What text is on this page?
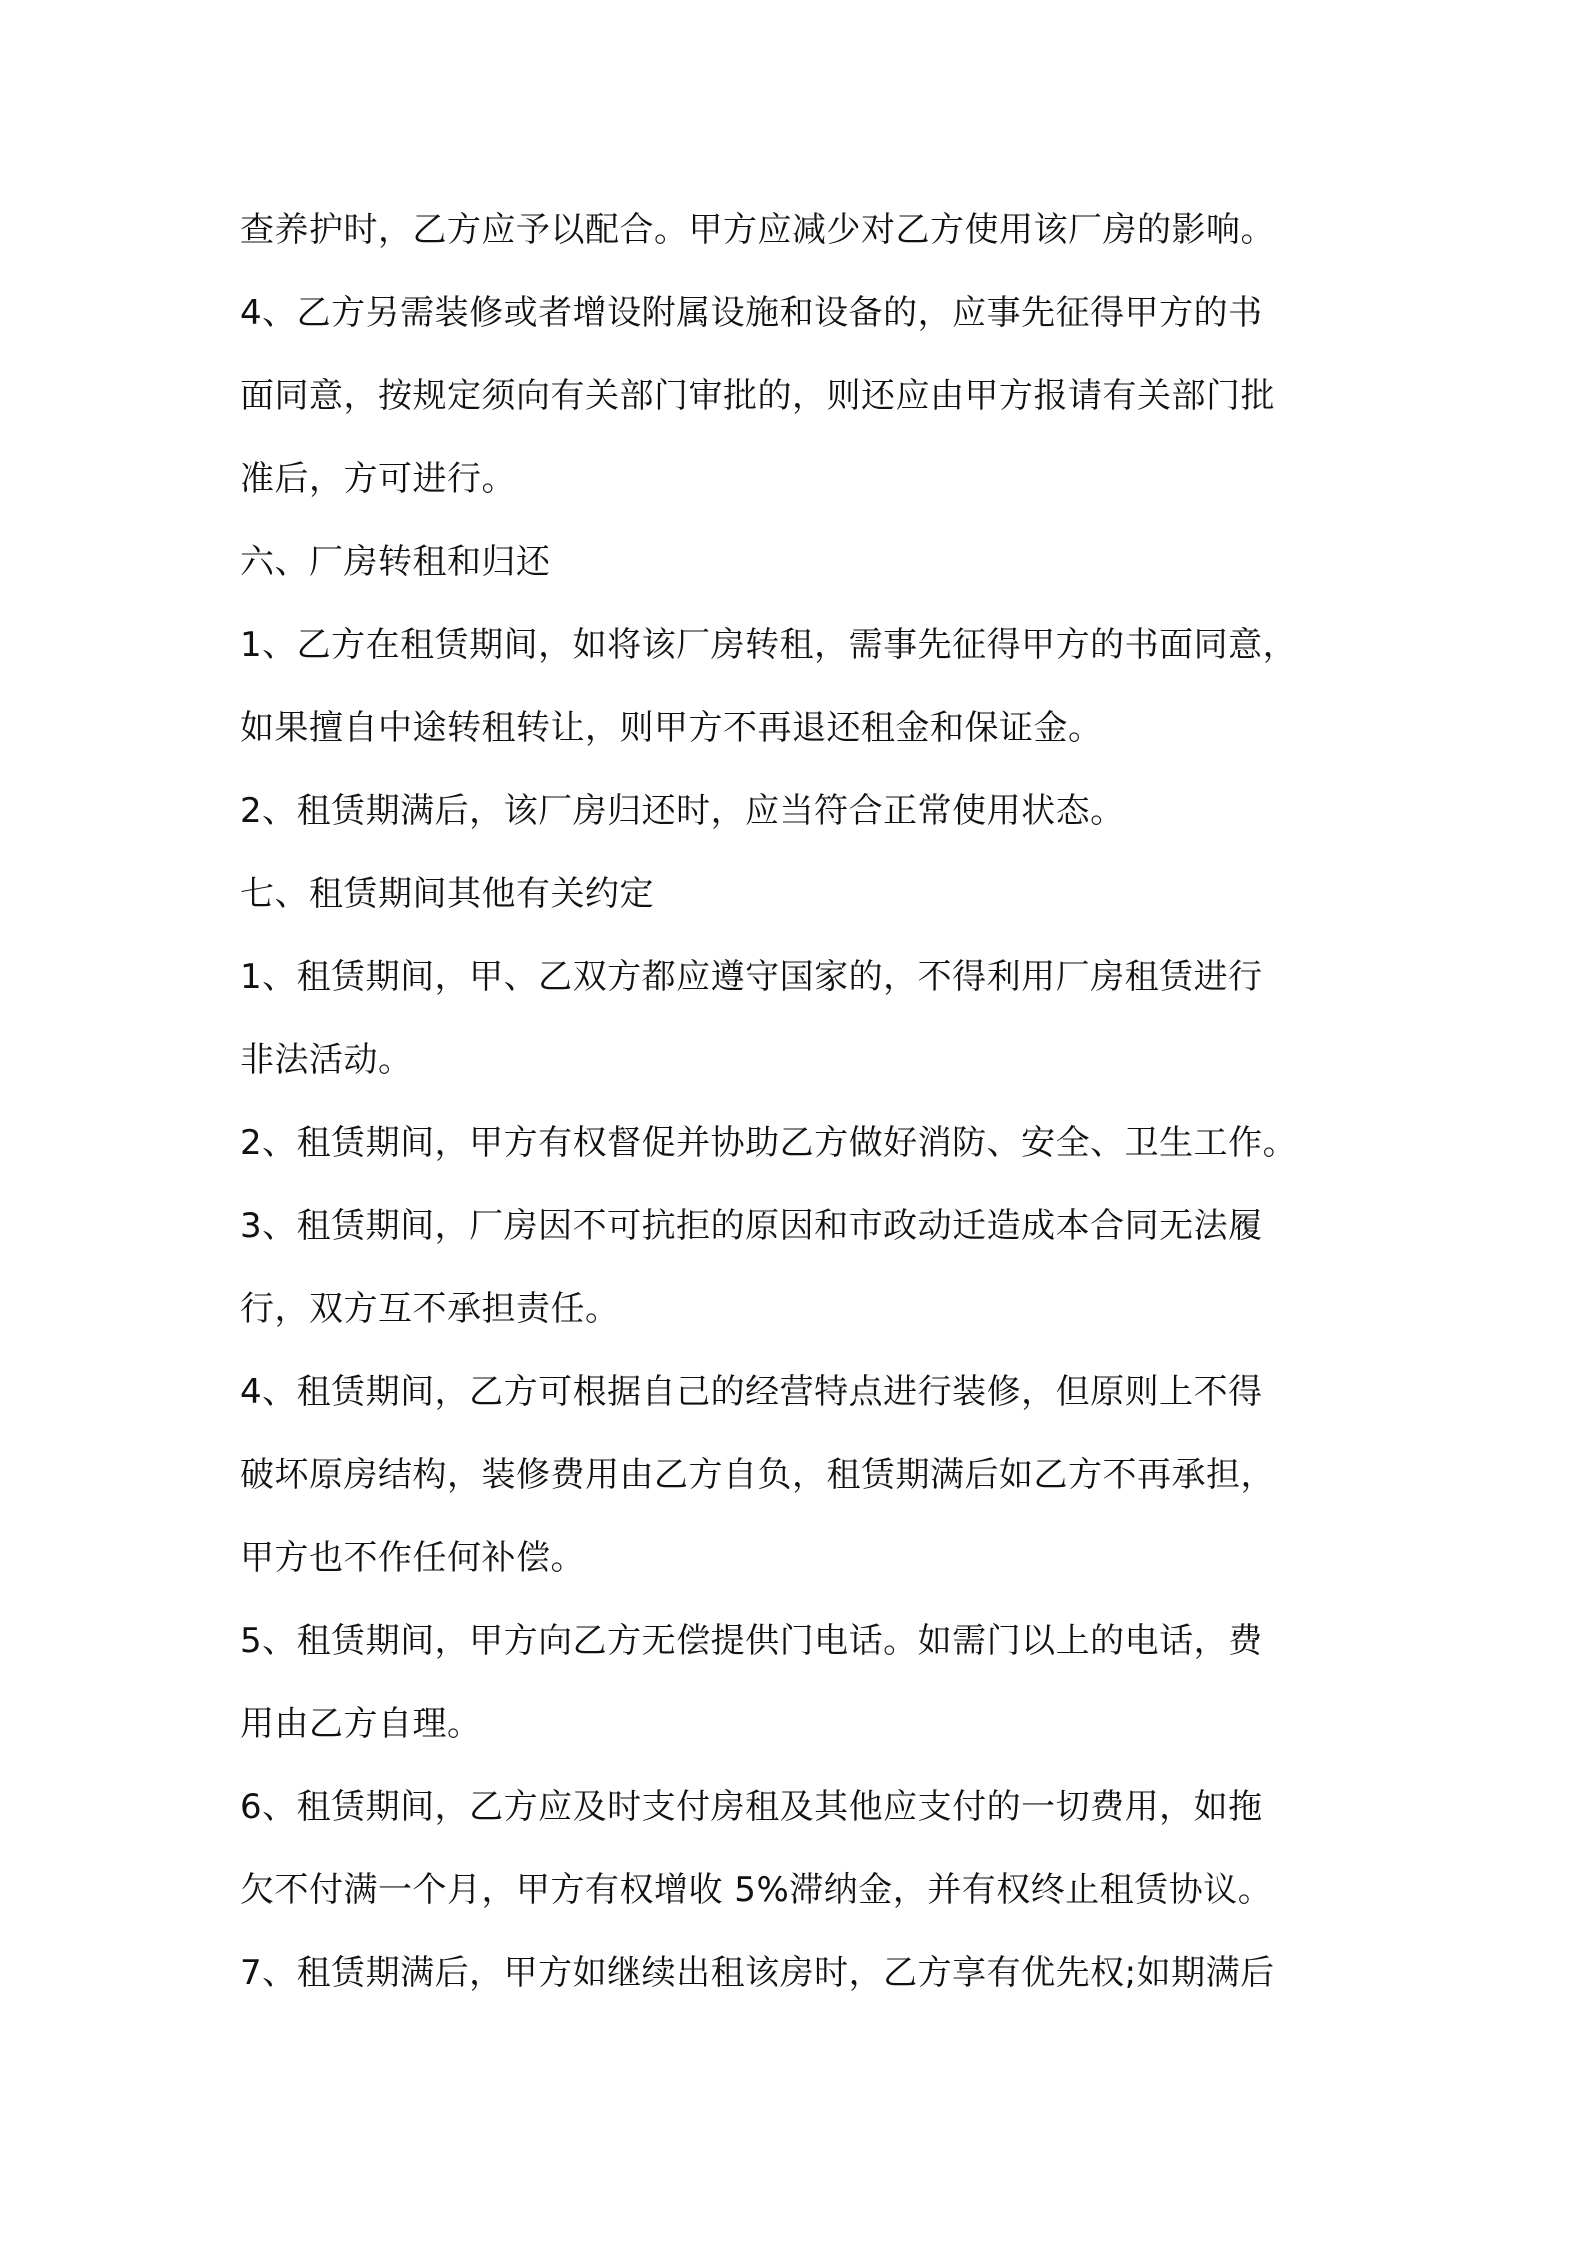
查养护时，乙方应予以配合。甲方应减少对乙方使用该厂房的影响。
4、乙方另需装修或者增设附属设施和设备的，应事先征得甲方的书
面同意，按规定须向有关部门审批的，则还应由甲方报请有关部门批
准后，方可进行。
六、厂房转租和归还
1、乙方在租赁期间，如将该厂房转租，需事先征得甲方的书面同意，
如果擅自中途转租转让，则甲方不再退还租金和保证金。
2、租赁期满后，该厂房归还时，应当符合正常使用状态。
七、租赁期间其他有关约定
1、租赁期间，甲、乙双方都应遵守国家的，不得利用厂房租赁进行
非法活动。
2、租赁期间，甲方有权督促并协助乙方做好消防、安全、卫生工作。
3、租赁期间，厂房因不可抗拒的原因和市政动迁造成本合同无法履
行，双方互不承担责任。
4、租赁期间，乙方可根据自己的经营特点进行装修，但原则上不得
破坏原房结构，装修费用由乙方自负，租赁期满后如乙方不再承担，
甲方也不作任何补偿。
5、租赁期间，甲方向乙方无偿提供门电话。如需门以上的电话，费
用由乙方自理。
6、租赁期间，乙方应及时支付房租及其他应支付的一切费用，如拖
欠不付满一个月，甲方有权增收 5%滞纳金，并有权终止租赁协议。
7、租赁期满后，甲方如继续出租该房时，乙方享有优先权;如期满后
